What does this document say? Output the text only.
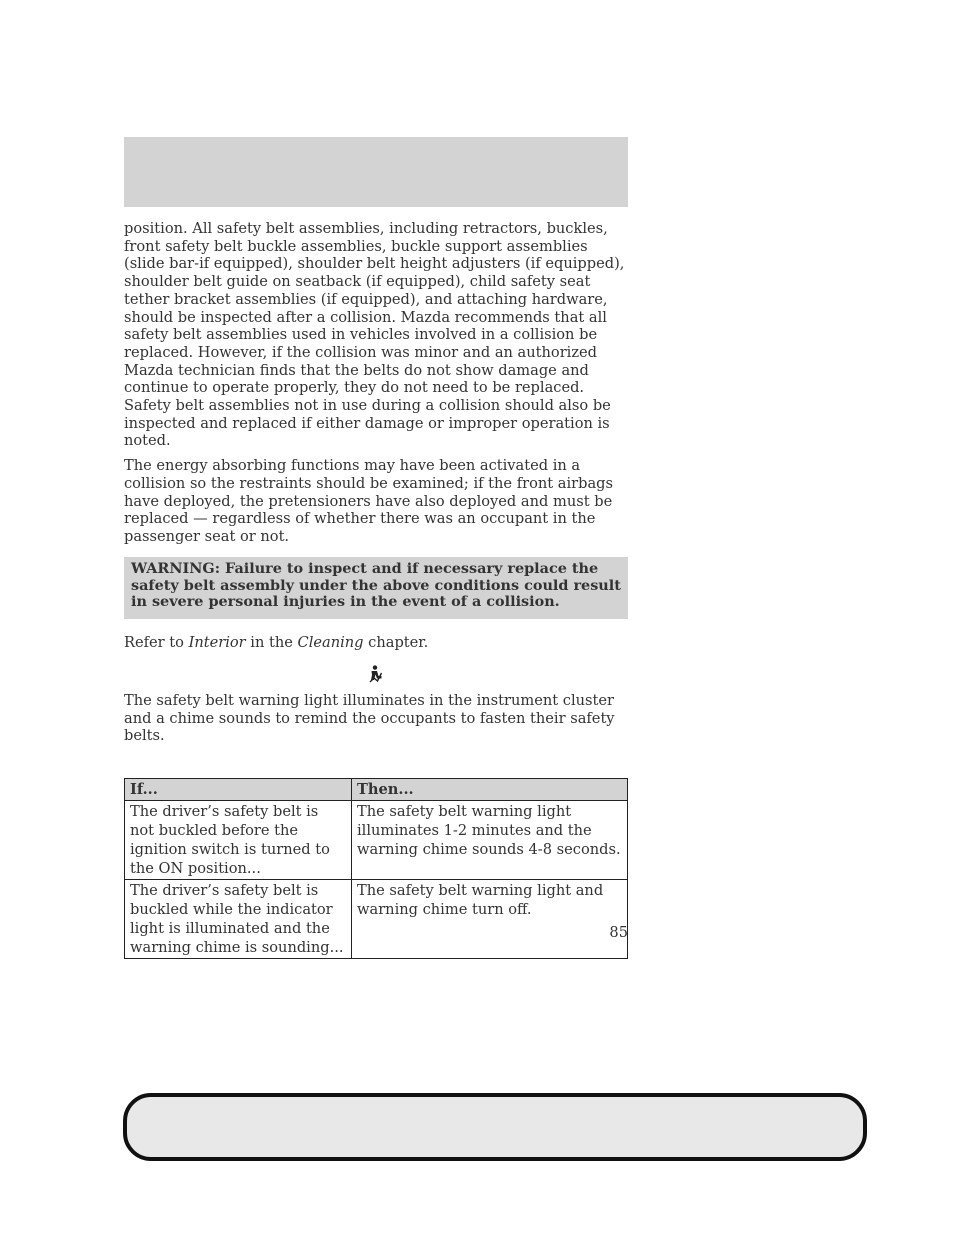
position. All safety belt assemblies, including retractors, buckles, front safety belt buckle assemblies, buckle support assemblies (slide bar-if equipped), shoulder belt height adjusters (if equipped), shoulder belt guide on seatback (if equipped), child safety seat tether bracket assemblies (if equipped), and attaching hardware, should be inspected after a collision. Mazda recommends that all safety belt assemblies used in vehicles involved in a collision be replaced. However, if the collision was minor and an authorized Mazda technician finds that the belts do not show damage and continue to operate properly, they do not need to be replaced. Safety belt assemblies not in use during a collision should also be inspected and replaced if either damage or improper operation is noted.

The energy absorbing functions may have been activated in a collision so the restraints should be examined; if the front airbags have deployed, the pretensioners have also deployed and must be replaced — regardless of whether there was an occupant in the passenger seat or not.

WARNING: Failure to inspect and if necessary replace the safety belt assembly under the above conditions could result in severe personal injuries in the event of a collision.

Refer to Interior in the Cleaning chapter.

The safety belt warning light illuminates in the instrument cluster and a chime sounds to remind the occupants to fasten their safety belts.

If...	Then...
The driver’s safety belt is not buckled before the ignition switch is turned to the ON position...	The safety belt warning light illuminates 1-2 minutes and the warning chime sounds 4-8 seconds.
The driver’s safety belt is buckled while the indicator light is illuminated and the warning chime is sounding...	The safety belt warning light and warning chime turn off.
85
